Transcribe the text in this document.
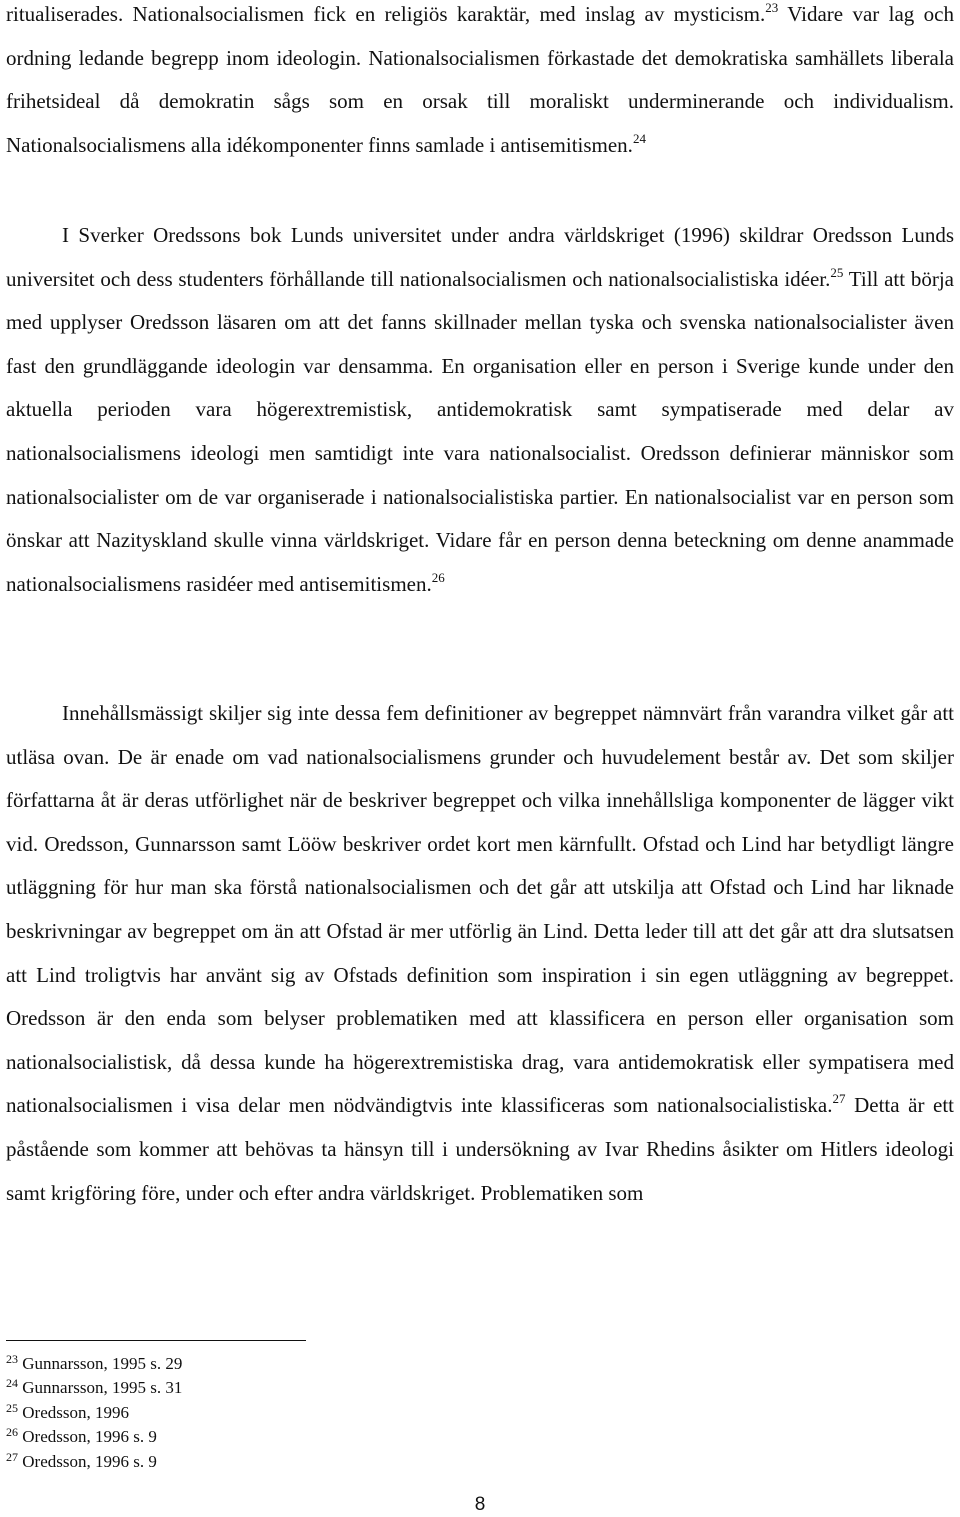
ritualiserades. Nationalsocialismen fick en religiös karaktär, med inslag av mysticism.$^{23}$ Vidare var lag och ordning ledande begrepp inom ideologin. Nationalsocialismen förkastade det demokratiska samhällets liberala frihetsideal då demokratin sågs som en orsak till moraliskt underminerande och individualism. Nationalsocialismens alla idékomponenter finns samlade i antisemitismen.$^{24}$

I Sverker Oredssons bok Lunds universitet under andra världskriget (1996) skildrar Oredsson Lunds universitet och dess studenters förhållande till nationalsocialismen och nationalsocialistiska idéer.$^{25}$ Till att börja med upplyser Oredsson läsaren om att det fanns skillnader mellan tyska och svenska nationalsocialister även fast den grundläggande ideologin var densamma. En organisation eller en person i Sverige kunde under den aktuella perioden vara högerextremistisk, antidemokratisk samt sympatiserade med delar av nationalsocialismens ideologi men samtidigt inte vara nationalsocialist. Oredsson definierar människor som nationalsocialister om de var organiserade i nationalsocialistiska partier. En nationalsocialist var en person som önskar att Nazityskland skulle vinna världskriget. Vidare får en person denna beteckning om denne anammade nationalsocialismens rasidéer med antisemitismen.$^{26}$

Innehållsmässigt skiljer sig inte dessa fem definitioner av begreppet nämnvärt från varandra vilket går att utläsa ovan. De är enade om vad nationalsocialismens grunder och huvudelement består av. Det som skiljer författarna åt är deras utförlighet när de beskriver begreppet och vilka innehållsliga komponenter de lägger vikt vid. Oredsson, Gunnarsson samt Lööw beskriver ordet kort men kärnfullt. Ofstad och Lind har betydligt längre utläggning för hur man ska förstå nationalsocialismen och det går att utskilja att Ofstad och Lind har liknade beskrivningar av begreppet om än att Ofstad är mer utförlig än Lind. Detta leder till att det går att dra slutsatsen att Lind troligtvis har använt sig av Ofstads definition som inspiration i sin egen utläggning av begreppet. Oredsson är den enda som belyser problematiken med att klassificera en person eller organisation som nationalsocialistisk, då dessa kunde ha högerextremistiska drag, vara antidemokratisk eller sympatisera med nationalsocialismen i visa delar men nödvändigtvis inte klassificeras som nationalsocialistiska.$^{27}$ Detta är ett påstående som kommer att behövas ta hänsyn till i undersökning av Ivar Rhedins åsikter om Hitlers ideologi samt krigföring före, under och efter andra världskriget. Problematiken som

$^{23}$ Gunnarsson, 1995 s. 29
$^{24}$ Gunnarsson, 1995 s. 31
$^{25}$ Oredsson, 1996
$^{26}$ Oredsson, 1996 s. 9
$^{27}$ Oredsson, 1996 s. 9
8
